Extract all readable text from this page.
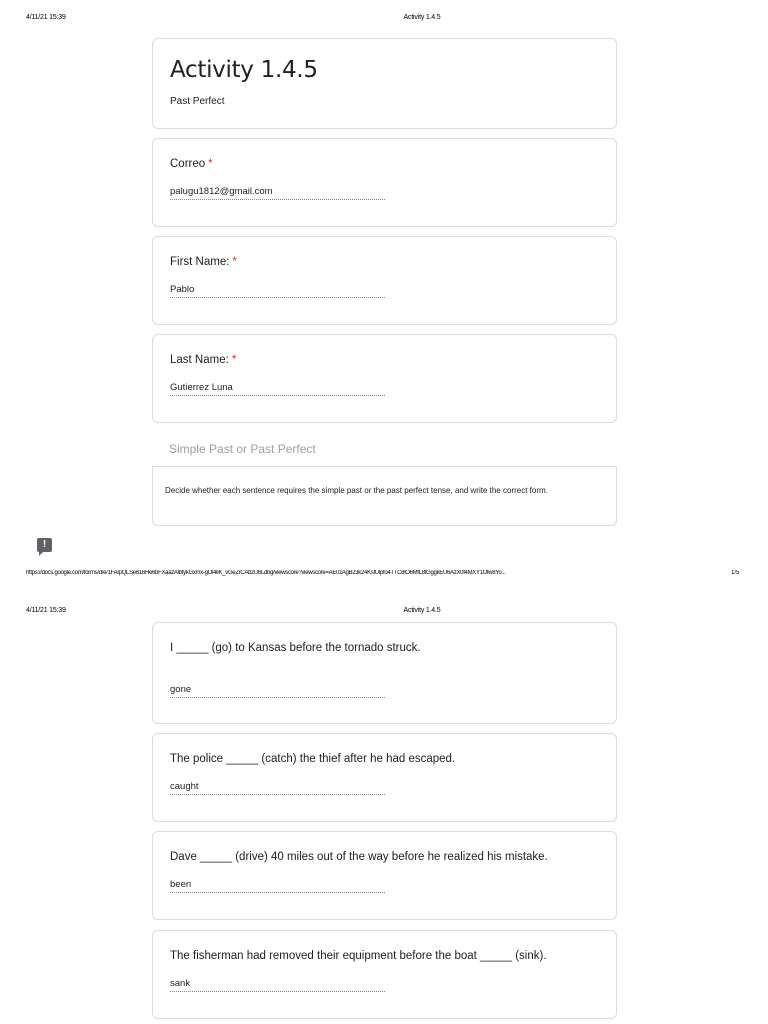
4/11/21 15:39	Activity 1.4.5
Activity 1.4.5
Past Perfect
Correo *
palugu1812@gmail.com
First Name: *
Pablo
Last Name: *
Gutierrez Luna
Simple Past or Past Perfect
Decide whether each sentence requires the simple past or the past perfect tense, and write the correct form.
!
https://docs.google.com/forms/d/e/1FAIpQLSe616He6bFXaazAlbfykGxmx-gOl4lIK_vGeZrCAbzU6Ldbg/viewscore?viewscore=AE0zAgB23k24KsfUlpfo4TTC8lO6MfL8tGggkEU6AzX0f4MXY1fJfw8Yo...	1/5
4/11/21 15:39	Activity 1.4.5
I _____ (go) to Kansas before the tornado struck.
gone
The police _____ (catch) the thief after he had escaped.
caught
Dave _____ (drive) 40 miles out of the way before he realized his mistake.
been
The fisherman had removed their equipment before the boat _____ (sink).
sank
